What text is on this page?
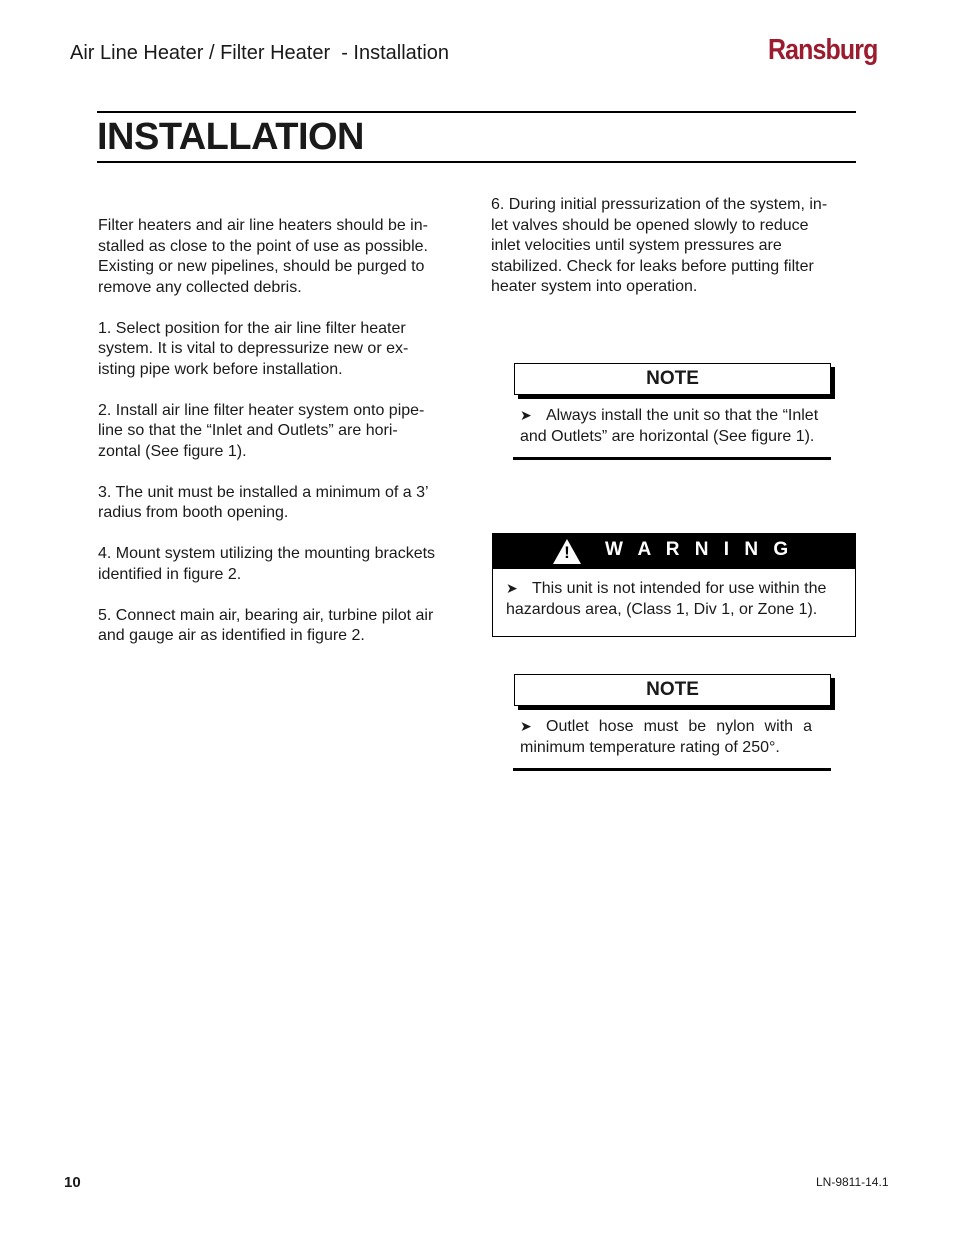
Air Line Heater / Filter Heater  - Installation	Ransburg
INSTALLATION
Filter heaters and air line heaters should be in-
stalled as close to the point of use as possible.
Existing or new pipelines, should be purged to
remove any collected debris.
1. Select position for the air line filter heater
system. It is vital to depressurize new or ex-
isting pipe work before installation.
2. Install air line filter heater system onto pipe-
line so that the “Inlet and Outlets” are hori-
zontal (See figure 1).
3. The unit must be installed a minimum of a 3’
radius from booth opening.
4. Mount system utilizing the mounting brackets
identified in figure 2.
5. Connect main air, bearing air, turbine pilot air
and gauge air as identified in figure 2.
6. During initial pressurization of the system, in-
let valves should be opened slowly to reduce
inlet velocities until system pressures are
stabilized. Check for leaks before putting filter
heater system into operation.
NOTE
➤ Always install the unit so that the “Inlet
and Outlets” are horizontal (See figure 1).
! W A R N I N G
➤ This unit is not intended for use within the
hazardous area, (Class 1, Div 1, or Zone 1).
NOTE
➤ Outlet hose must be nylon with a
minimum temperature rating of 250°.
10	LN-9811-14.1
